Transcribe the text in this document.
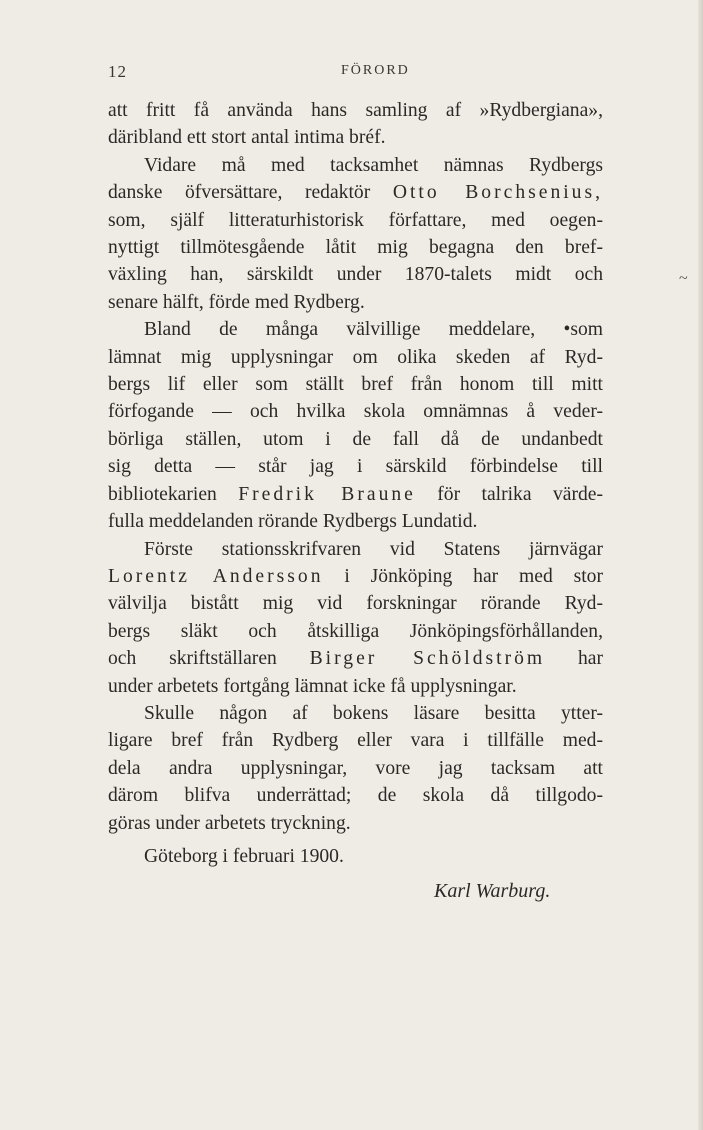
12	FÖRORD
att fritt få använda hans samling af »Rydbergiana»,
däribland ett stort antal intima bréf.
Vidare må med tacksamhet nämnas Rydbergs
danske öfversättare, redaktör Otto Borchsenius,
som, själf litteraturhistorisk författare, med oegen-
nyttigt tillmötesgående låtit mig begagna den bref-
växling han, särskildt under 1870-talets midt och
senare hälft, förde med Rydberg.
Bland de många välvillige meddelare, •som
lämnat mig upplysningar om olika skeden af Ryd-
bergs lif eller som ställt bref från honom till mitt
förfogande — och hvilka skola omnämnas å veder-
börliga ställen, utom i de fall då de undanbedt
sig detta — står jag i särskild förbindelse till
bibliotekarien Fredrik Braune för talrika värde-
fulla meddelanden rörande Rydbergs Lundatid.
Förste stationsskrifvaren vid Statens järnvägar
Lorentz Andersson i Jönköping har med stor
välvilja bistått mig vid forskningar rörande Ryd-
bergs släkt och åtskilliga Jönköpingsförhållanden,
och skriftställaren Birger Schöldström har
under arbetets fortgång lämnat icke få upplysningar.
Skulle någon af bokens läsare besitta ytter-
ligare bref från Rydberg eller vara i tillfälle med-
dela andra upplysningar, vore jag tacksam att
därom blifva underrättad; de skola då tillgodo-
göras under arbetets tryckning.
Göteborg i februari 1900.
Karl Warburg.
~
